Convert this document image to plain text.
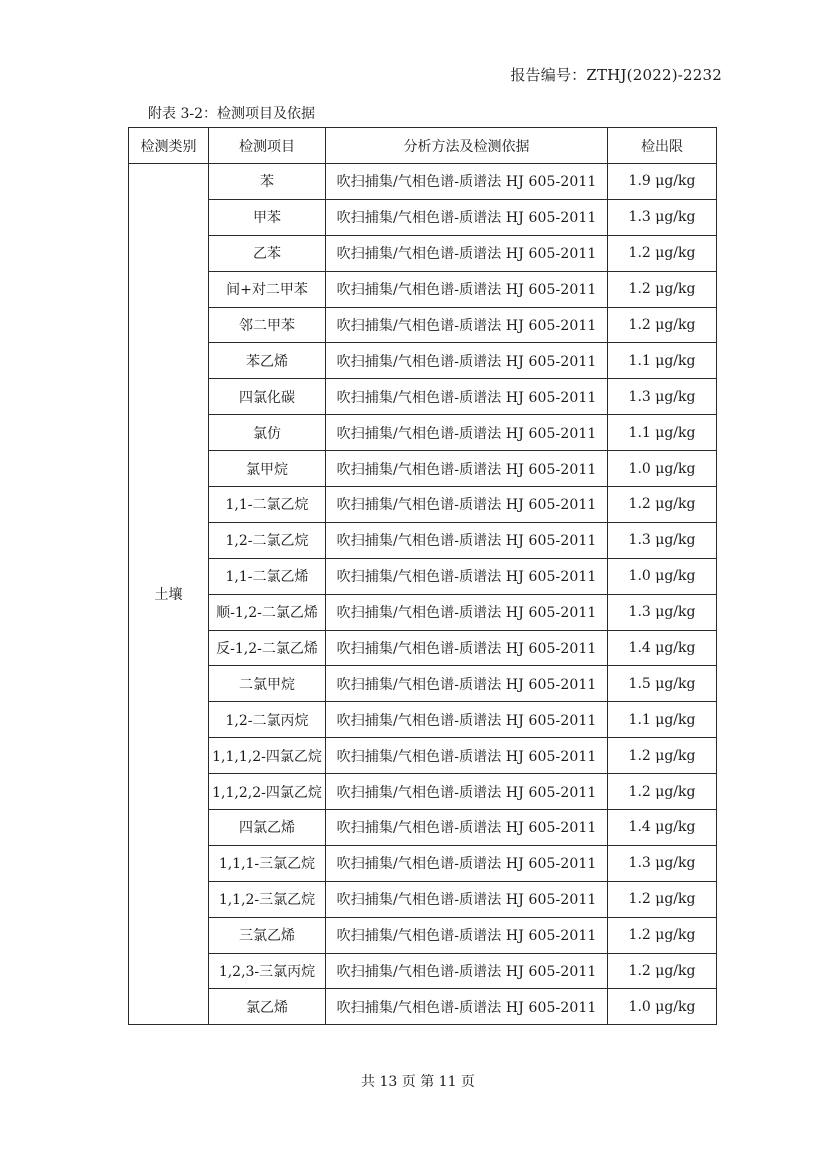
报告编号：ZTHJ(2022)-2232
附表 3-2：检测项目及依据
检测类别	检测项目	分析方法及检测依据	检出限
土壤	苯	吹扫捕集/气相色谱-质谱法 HJ 605-2011	1.9 μg/kg
	甲苯	吹扫捕集/气相色谱-质谱法 HJ 605-2011	1.3 μg/kg
	乙苯	吹扫捕集/气相色谱-质谱法 HJ 605-2011	1.2 μg/kg
	间+对二甲苯	吹扫捕集/气相色谱-质谱法 HJ 605-2011	1.2 μg/kg
	邻二甲苯	吹扫捕集/气相色谱-质谱法 HJ 605-2011	1.2 μg/kg
	苯乙烯	吹扫捕集/气相色谱-质谱法 HJ 605-2011	1.1 μg/kg
	四氯化碳	吹扫捕集/气相色谱-质谱法 HJ 605-2011	1.3 μg/kg
	氯仿	吹扫捕集/气相色谱-质谱法 HJ 605-2011	1.1 μg/kg
	氯甲烷	吹扫捕集/气相色谱-质谱法 HJ 605-2011	1.0 μg/kg
	1,1-二氯乙烷	吹扫捕集/气相色谱-质谱法 HJ 605-2011	1.2 μg/kg
	1,2-二氯乙烷	吹扫捕集/气相色谱-质谱法 HJ 605-2011	1.3 μg/kg
	1,1-二氯乙烯	吹扫捕集/气相色谱-质谱法 HJ 605-2011	1.0 μg/kg
	顺-1,2-二氯乙烯	吹扫捕集/气相色谱-质谱法 HJ 605-2011	1.3 μg/kg
	反-1,2-二氯乙烯	吹扫捕集/气相色谱-质谱法 HJ 605-2011	1.4 μg/kg
	二氯甲烷	吹扫捕集/气相色谱-质谱法 HJ 605-2011	1.5 μg/kg
	1,2-二氯丙烷	吹扫捕集/气相色谱-质谱法 HJ 605-2011	1.1 μg/kg
	1,1,1,2-四氯乙烷	吹扫捕集/气相色谱-质谱法 HJ 605-2011	1.2 μg/kg
	1,1,2,2-四氯乙烷	吹扫捕集/气相色谱-质谱法 HJ 605-2011	1.2 μg/kg
	四氯乙烯	吹扫捕集/气相色谱-质谱法 HJ 605-2011	1.4 μg/kg
	1,1,1-三氯乙烷	吹扫捕集/气相色谱-质谱法 HJ 605-2011	1.3 μg/kg
	1,1,2-三氯乙烷	吹扫捕集/气相色谱-质谱法 HJ 605-2011	1.2 μg/kg
	三氯乙烯	吹扫捕集/气相色谱-质谱法 HJ 605-2011	1.2 μg/kg
	1,2,3-三氯丙烷	吹扫捕集/气相色谱-质谱法 HJ 605-2011	1.2 μg/kg
	氯乙烯	吹扫捕集/气相色谱-质谱法 HJ 605-2011	1.0 μg/kg
共 13 页 第 11 页
